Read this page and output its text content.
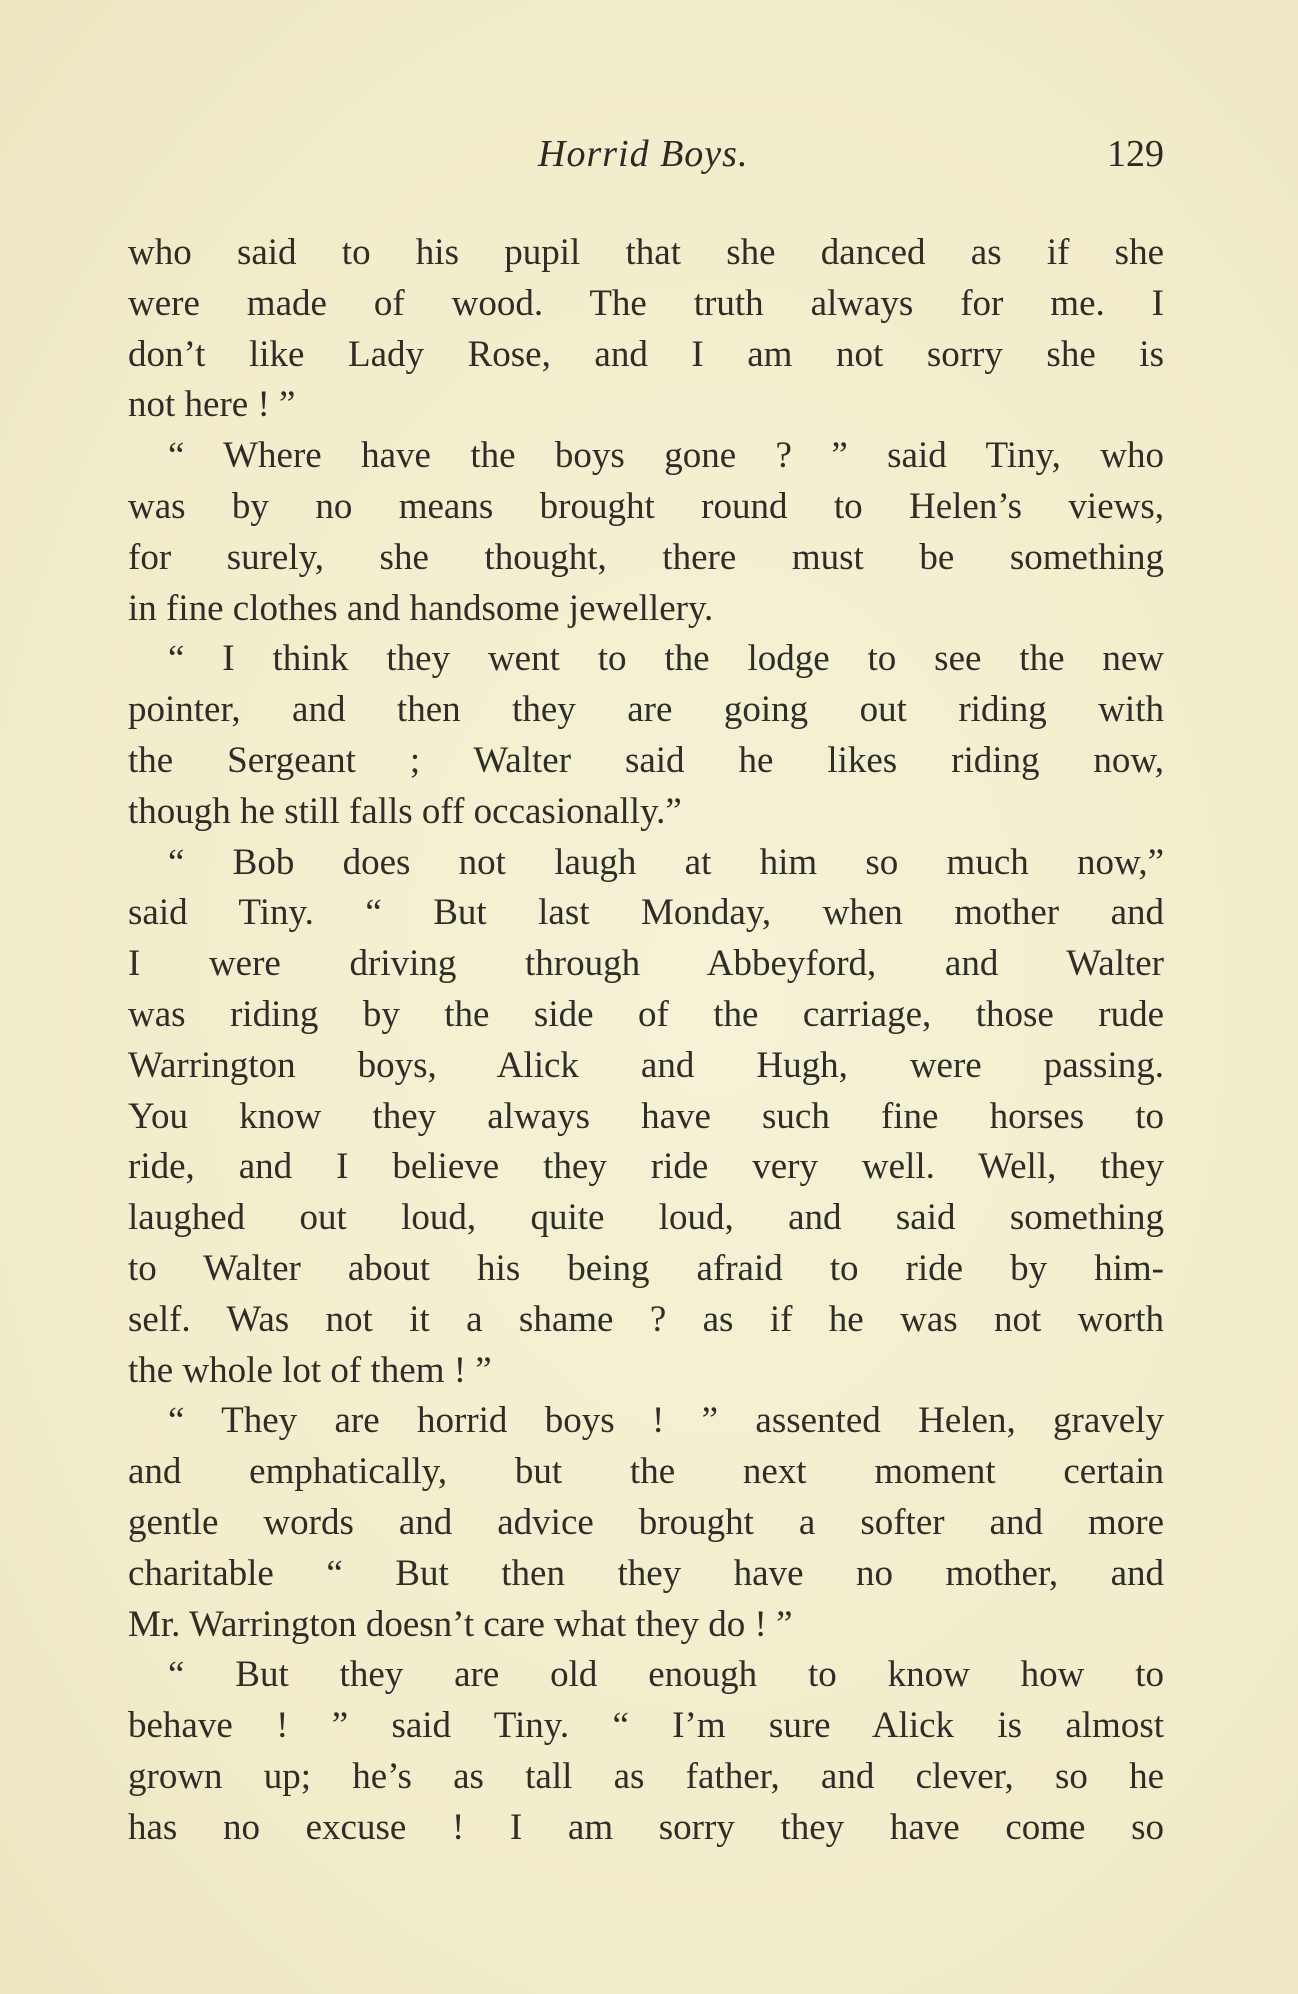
Horrid Boys.	129
who said to his pupil that she danced as if she
were made of wood. The truth always for me. I
don’t like Lady Rose, and I am not sorry she is
not here ! ”
“ Where have the boys gone ? ” said Tiny, who
was by no means brought round to Helen’s views,
for surely, she thought, there must be something
in fine clothes and handsome jewellery.
“ I think they went to the lodge to see the new
pointer, and then they are going out riding with
the Sergeant ; Walter said he likes riding now,
though he still falls off occasionally.”
“ Bob does not laugh at him so much now,”
said Tiny. “ But last Monday, when mother and
I were driving through Abbeyford, and Walter
was riding by the side of the carriage, those rude
Warrington boys, Alick and Hugh, were passing.
You know they always have such fine horses to
ride, and I believe they ride very well. Well, they
laughed out loud, quite loud, and said something
to Walter about his being afraid to ride by him-
self. Was not it a shame ? as if he was not worth
the whole lot of them ! ”
“ They are horrid boys ! ” assented Helen, gravely
and emphatically, but the next moment certain
gentle words and advice brought a softer and more
charitable “ But then they have no mother, and
Mr. Warrington doesn’t care what they do ! ”
“ But they are old enough to know how to
behave ! ” said Tiny. “ I’m sure Alick is almost
grown up; he’s as tall as father, and clever, so he
has no excuse ! I am sorry they have come so
